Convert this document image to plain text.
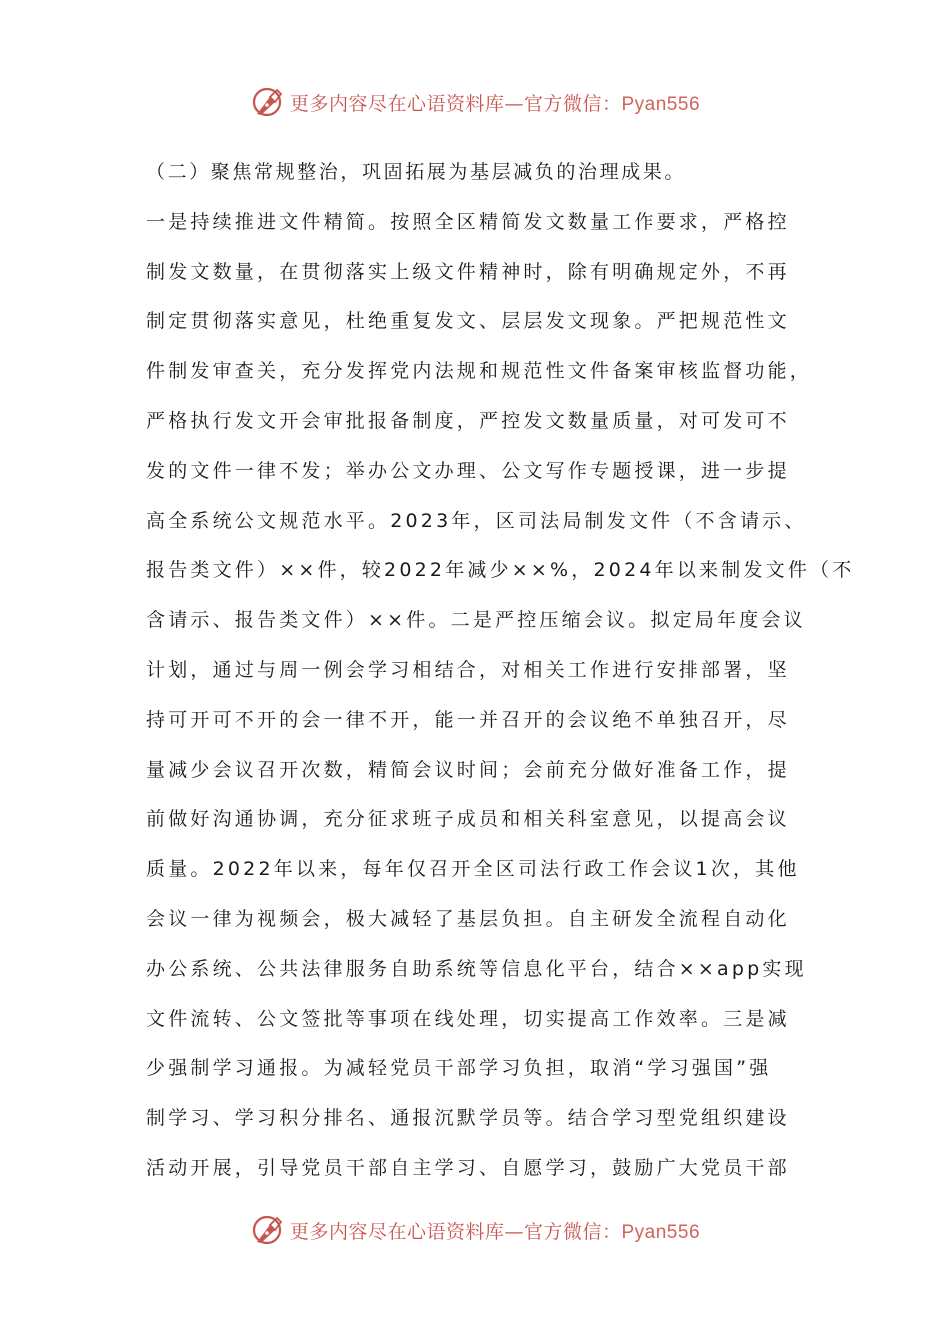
更多内容尽在心语资料库—官方微信：Pyan556
（二）聚焦常规整治，巩固拓展为基层减负的治理成果。
一是持续推进文件精简。按照全区精简发文数量工作要求，严格控
制发文数量，在贯彻落实上级文件精神时，除有明确规定外，不再
制定贯彻落实意见，杜绝重复发文、层层发文现象。严把规范性文
件制发审查关，充分发挥党内法规和规范性文件备案审核监督功能，
严格执行发文开会审批报备制度，严控发文数量质量，对可发可不
发的文件一律不发；举办公文办理、公文写作专题授课，进一步提
高全系统公文规范水平。2023年，区司法局制发文件（不含请示、
报告类文件）××件，较2022年减少××%，2024年以来制发文件（不
含请示、报告类文件）××件。二是严控压缩会议。拟定局年度会议
计划，通过与周一例会学习相结合，对相关工作进行安排部署，坚
持可开可不开的会一律不开，能一并召开的会议绝不单独召开，尽
量减少会议召开次数，精简会议时间；会前充分做好准备工作，提
前做好沟通协调，充分征求班子成员和相关科室意见，以提高会议
质量。2022年以来，每年仅召开全区司法行政工作会议1次，其他
会议一律为视频会，极大减轻了基层负担。自主研发全流程自动化
办公系统、公共法律服务自助系统等信息化平台，结合××app实现
文件流转、公文签批等事项在线处理，切实提高工作效率。三是减
少强制学习通报。为减轻党员干部学习负担，取消“学习强国”强
制学习、学习积分排名、通报沉默学员等。结合学习型党组织建设
活动开展，引导党员干部自主学习、自愿学习，鼓励广大党员干部
更多内容尽在心语资料库—官方微信：Pyan556
